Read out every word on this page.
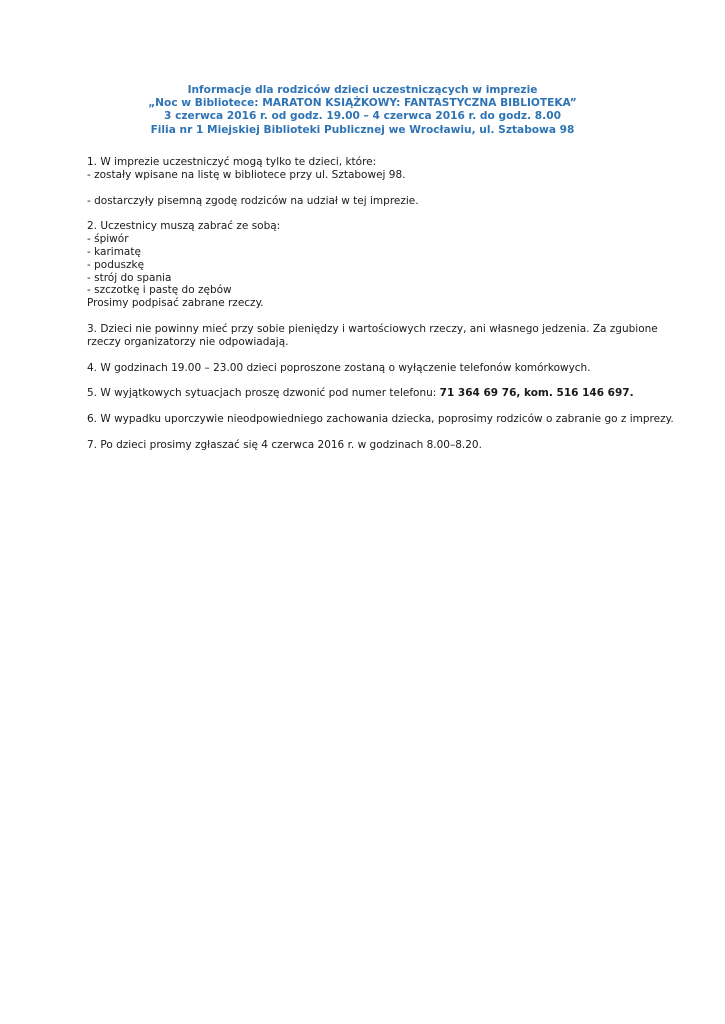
Informacje dla rodziców dzieci uczestniczących w imprezie
„Noc w Bibliotece: MARATON KSIĄŻKOWY: FANTASTYCZNA BIBLIOTEKA”
3 czerwca 2016 r. od godz. 19.00 – 4 czerwca 2016 r. do godz. 8.00
Filia nr 1 Miejskiej Biblioteki Publicznej we Wrocławiu, ul. Sztabowa 98
1. W imprezie uczestniczyć mogą tylko te dzieci, które:
- zostały wpisane na listę w bibliotece przy ul. Sztabowej 98.
- dostarczyły pisemną zgodę rodziców na udział w tej imprezie.
2. Uczestnicy muszą zabrać ze sobą:
- śpiwór
- karimatę
- poduszkę
- strój do spania
- szczotkę i pastę do zębów
Prosimy podpisać zabrane rzeczy.
3. Dzieci nie powinny mieć przy sobie pieniędzy i wartościowych rzeczy, ani własnego jedzenia. Za zgubione
rzeczy organizatorzy nie odpowiadają.
4. W godzinach 19.00 – 23.00 dzieci poproszone zostaną o wyłączenie telefonów komórkowych.
5. W wyjątkowych sytuacjach proszę dzwonić pod numer telefonu: 71 364 69 76, kom. 516 146 697.
6. W wypadku uporczywie nieodpowiedniego zachowania dziecka, poprosimy rodziców o zabranie go z imprezy.
7. Po dzieci prosimy zgłaszać się 4 czerwca 2016 r. w godzinach 8.00–8.20.
